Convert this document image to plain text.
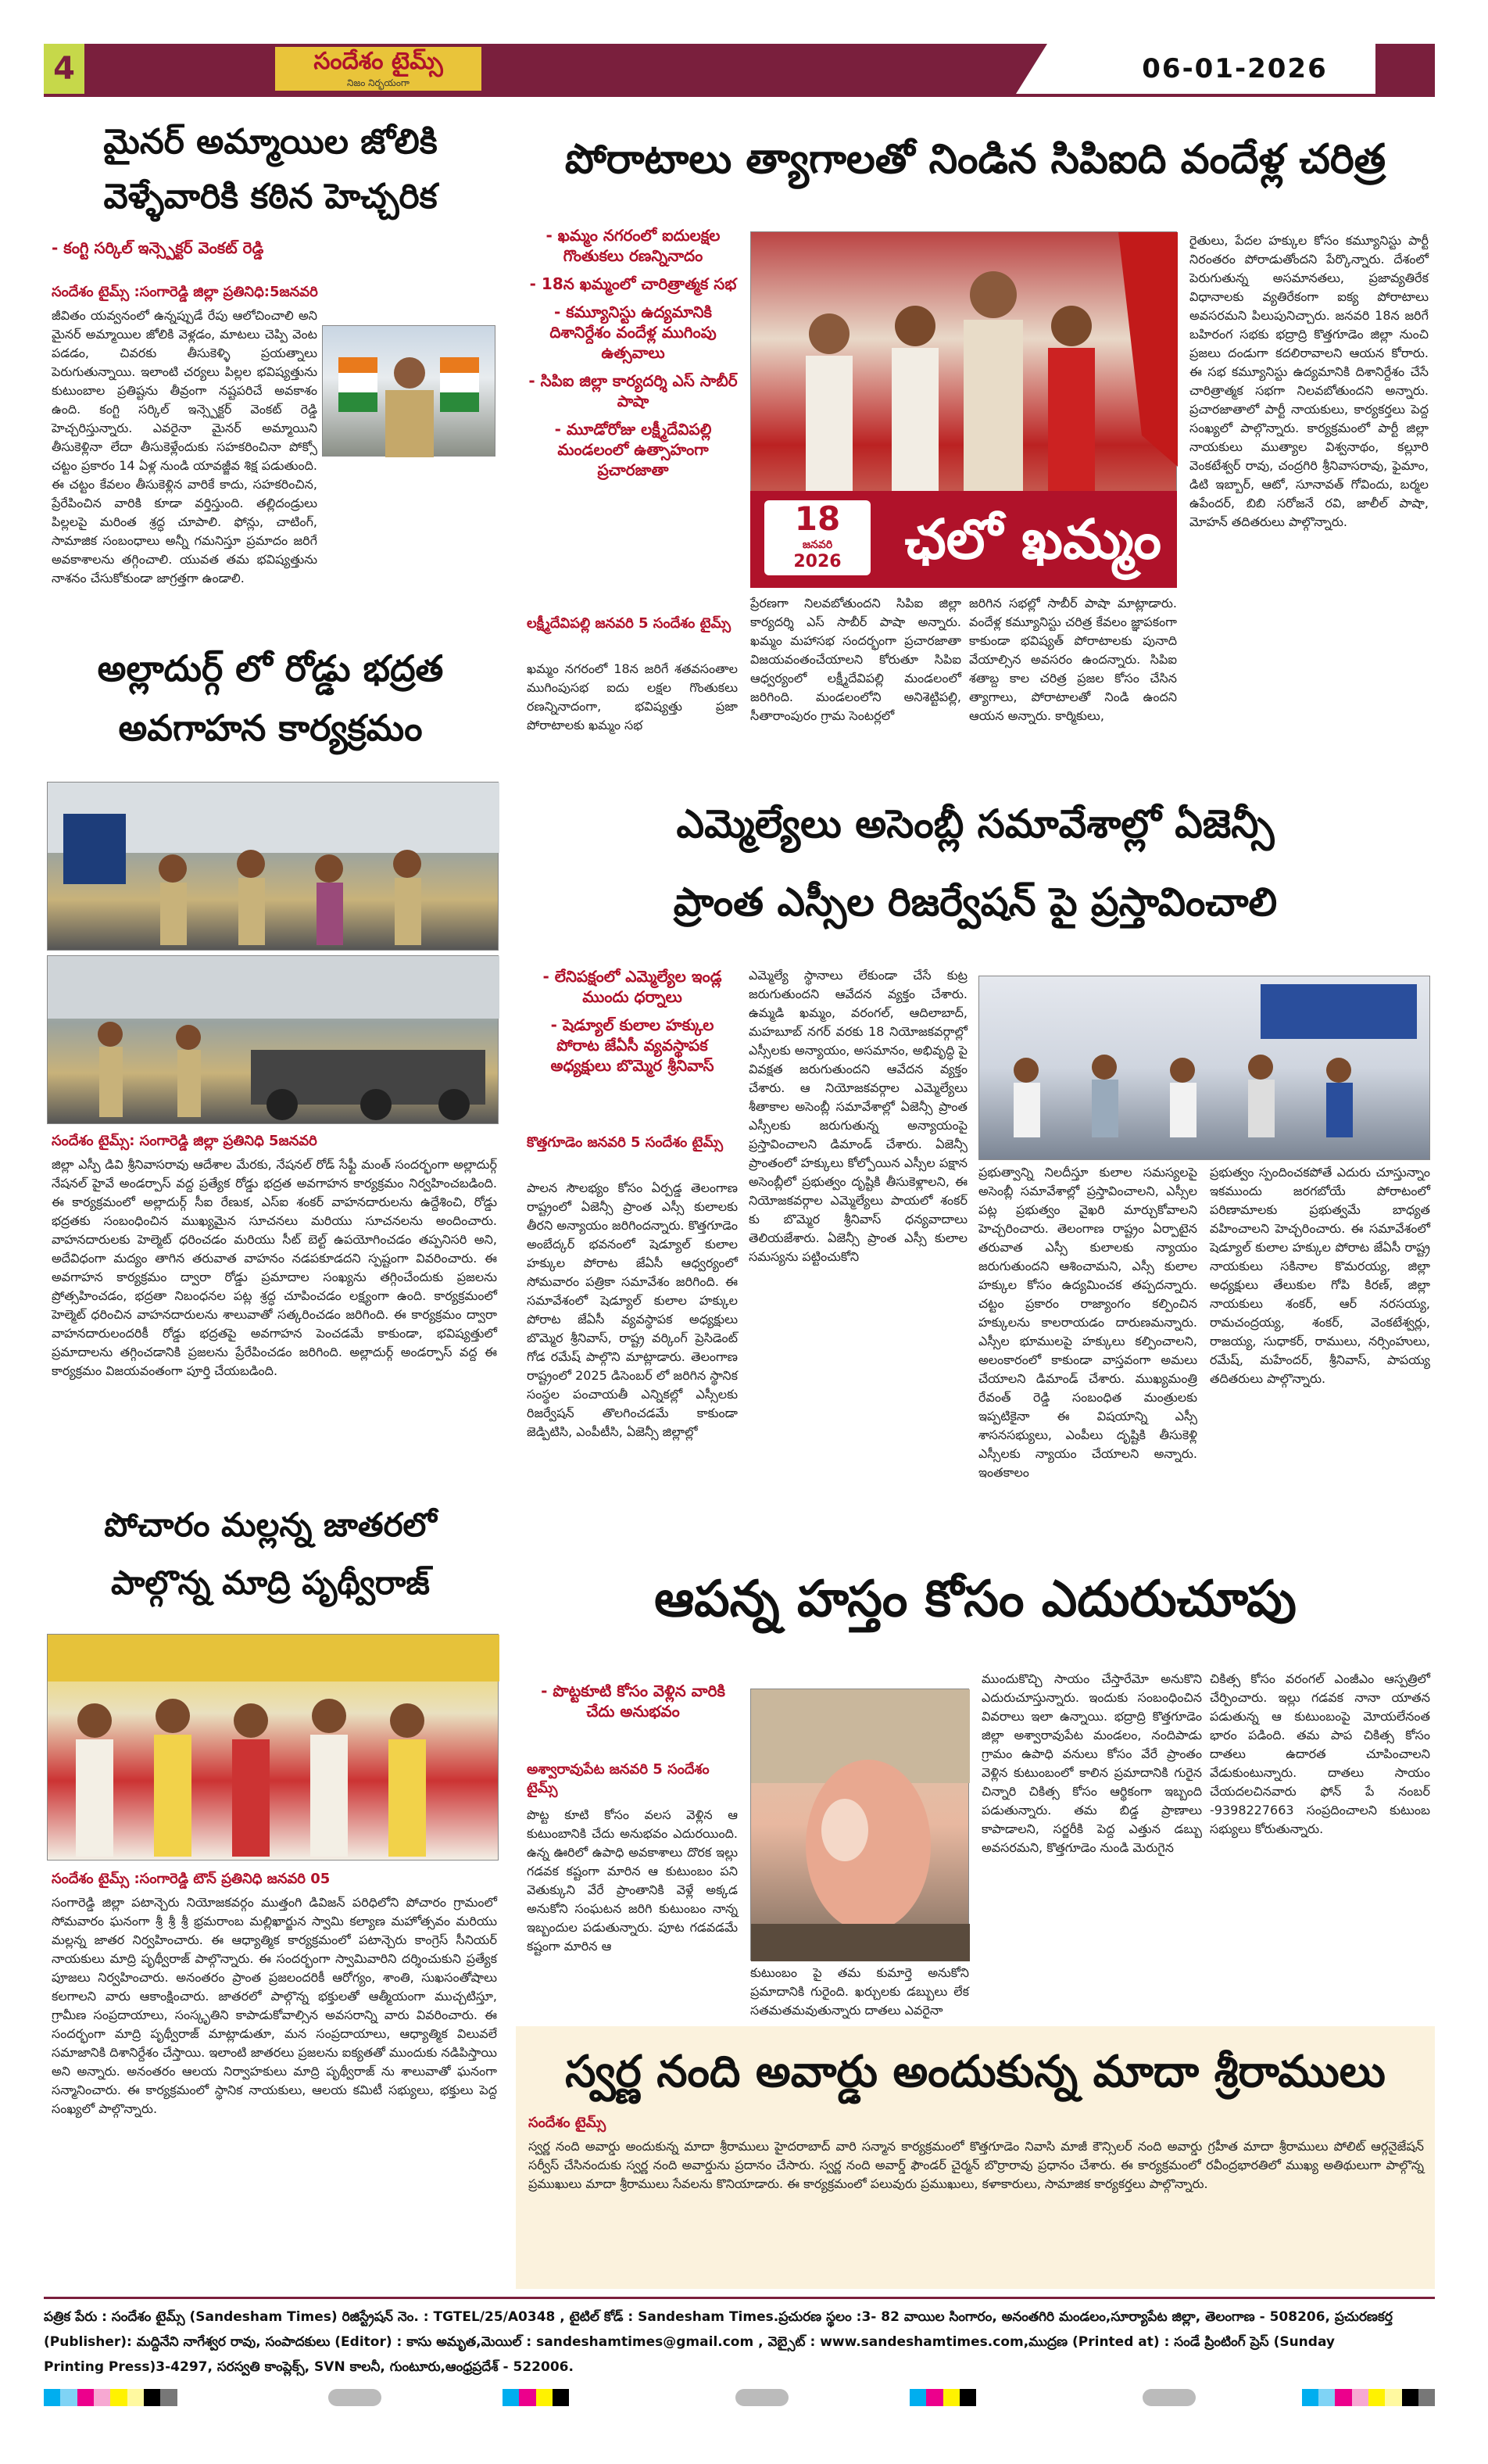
4	సందేశం టైమ్స్
నిజం నిర్భయంగా	06-01-2026
మైనర్ అమ్మాయిల జోలికి
వెళ్ళేవారికి కఠిన హెచ్చరిక
- కంగ్టి సర్కిల్ ఇన్స్పెక్టర్ వెంకట్ రెడ్డి
సందేశం టైమ్స్ :సంగారెడ్డి జిల్లా ప్రతినిధి:5జనవరి
జీవితం యవ్వనంలో ఉన్నప్పుడే రేపు ఆలోచించాలి అని మైనర్ అమ్మాయిల జోలికి వెళ్లడం, మాటలు చెప్పి వెంట పడడం, చివరకు తీసుకెళ్ళి ప్రయత్నాలు పెరుగుతున్నాయి. ఇలాంటి చర్యలు పిల్లల భవిష్యత్తును కుటుంబాల ప్రతిష్టను తీవ్రంగా నష్టపరిచే అవకాశం ఉంది. కంగ్టి సర్కిల్ ఇన్స్పెక్టర్ వెంకట్ రెడ్డి హెచ్చరిస్తున్నారు. ఎవరైనా మైనర్ అమ్మాయిని తీసుకెళ్లినా లేదా తీసుకెళ్లేందుకు సహకరించినా పోక్సో చట్టం ప్రకారం 14 ఏళ్ల నుండి యావజ్జీవ శిక్ష పడుతుంది. ఈ చట్టం కేవలం తీసుకెళ్లిన వారికే కాదు, సహకరించిన, ప్రేరేపించిన వారికి కూడా వర్తిస్తుంది. తల్లిదండ్రులు పిల్లలపై మరింత శ్రద్ధ చూపాలి. ఫోన్లు, చాటింగ్, సామాజిక సంబంధాలు అన్నీ గమనిస్తూ ప్రమాదం జరిగే అవకాశాలను తగ్గించాలి. యువత తమ భవిష్యత్తును నాశనం చేసుకోకుండా జాగ్రత్తగా ఉండాలి.
పోరాటాలు త్యాగాలతో నిండిన సిపిఐది వందేళ్ల చరిత్ర
- ఖమ్మం నగరంలో ఐదులక్షల గొంతుకలు రణన్నినాదం
- 18న ఖమ్మంలో చారిత్రాత్మక సభ
- కమ్యూనిస్టు ఉద్యమానికి దిశానిర్దేశం వందేళ్ల ముగింపు ఉత్సవాలు
- సిపిఐ జిల్లా కార్యదర్శి ఎస్ సాబీర్ పాషా
- మూడోరోజు లక్ష్మీదేవిపల్లి మండలంలో ఉత్సాహంగా ప్రచారజాతా
ఛలో ఖమ్మం
18
జనవరి
2026
లక్ష్మీదేవిపల్లి జనవరి 5 సందేశం టైమ్స్
ఖమ్మం నగరంలో 18న జరిగే శతవసంతాల ముగింపుసభ ఐదు లక్షల గొంతుకలు రణన్నినాదంగా, భవిష్యత్తు ప్రజా పోరాటాలకు ఖమ్మం సభ
ప్రేరణగా నిలవబోతుందని సిపిఐ జిల్లా కార్యదర్శి ఎస్ సాబీర్ పాషా అన్నారు. ఖమ్మం మహాసభ సందర్భంగా ప్రచారజాతా విజయవంతంచేయాలని కోరుతూ సిపిఐ ఆధ్వర్యంలో లక్ష్మీదేవిపల్లి మండలంలో జరిగింది. మండలంలోని అనిశెట్టిపల్లి, సీతారాంపురం గ్రామ సెంటర్లలో
జరిగిన సభల్లో సాబీర్ పాషా మాట్లాడారు. వందేళ్ల కమ్యూనిస్టు చరిత్ర కేవలం జ్ఞాపకంగా కాకుండా భవిష్యత్ పోరాటాలకు పునాది వేయాల్సిన అవసరం ఉందన్నారు. సిపిఐ శతాబ్ద కాల చరిత్ర ప్రజల కోసం చేసిన త్యాగాలు, పోరాటాలతో నిండి ఉందని ఆయన అన్నారు. కార్మికులు,
రైతులు, పేదల హక్కుల కోసం కమ్యూనిస్టు పార్టీ నిరంతరం పోరాడుతోందని పేర్కొన్నారు. దేశంలో పెరుగుతున్న అసమానతలు, ప్రజావ్యతిరేక విధానాలకు వ్యతిరేకంగా ఐక్య పోరాటాలు అవసరమని పిలుపునిచ్చారు. జనవరి 18న జరిగే బహిరంగ సభకు భద్రాద్రి కొత్తగూడెం జిల్లా నుంచి ప్రజలు దండుగా కదలిరావాలని ఆయన కోరారు. ఈ సభ కమ్యూనిస్టు ఉద్యమానికి దిశానిర్దేశం చేసే చారిత్రాత్మక సభగా నిలవబోతుందని అన్నారు. ప్రచారజాతాలో పార్టీ నాయకులు, కార్యకర్తలు పెద్ద సంఖ్యలో పాల్గొన్నారు. కార్యక్రమంలో పార్టీ జిల్లా నాయకులు ముత్యాల విశ్వనాథం, కల్లూరి వెంకటేశ్వర్ రావు, చంద్రగిరి శ్రీనివాసరావు, ఫైమాం, డిటి ఇబ్బార్, ఆటో, సూనావత్ గోవిందు, బర్మల ఉపేందర్, బిబి సరోజనే రవి, జాలీల్ పాషా, మోహన్ తదితరులు పాల్గొన్నారు.
అల్లాదుర్గ్ లో రోడ్డు భద్రత
అవగాహన కార్యక్రమం
సందేశం టైమ్స్: సంగారెడ్డి జిల్లా ప్రతినిధి 5జనవరి
జిల్లా ఎస్పీ డివి శ్రీనివాసరావు ఆదేశాల మేరకు, నేషనల్ రోడ్ సేఫ్టీ మంత్ సందర్భంగా అల్లాదుర్గ్ నేషనల్ హైవే అండర్పాస్ వద్ద ప్రత్యేక రోడ్డు భద్రత అవగాహన కార్యక్రమం నిర్వహించబడింది. ఈ కార్యక్రమంలో అల్లాదుర్గ్ సీఐ రేణుక, ఎస్ఐ శంకర్ వాహనదారులను ఉద్దేశించి, రోడ్డు భద్రతకు సంబంధించిన ముఖ్యమైన సూచనలు మరియు సూచనలను అందించారు. వాహనదారులకు హెల్మెట్ ధరించడం మరియు సీట్ బెల్ట్ ఉపయోగించడం తప్పనిసరి అని, అదేవిధంగా మద్యం తాగిన తరువాత వాహనం నడపకూడదని స్పష్టంగా వివరించారు. ఈ అవగాహన కార్యక్రమం ద్వారా రోడ్డు ప్రమాదాల సంఖ్యను తగ్గించేందుకు ప్రజలను ప్రోత్సహించడం, భద్రతా నిబంధనల పట్ల శ్రద్ధ చూపించడం లక్ష్యంగా ఉంది. కార్యక్రమంలో హెల్మెట్ ధరించిన వాహనదారులను శాలువాతో సత్కరించడం జరిగింది. ఈ కార్యక్రమం ద్వారా వాహనదారులందరికీ రోడ్డు భద్రతపై అవగాహన పెంచడమే కాకుండా, భవిష్యత్తులో ప్రమాదాలను తగ్గించడానికి ప్రజలను ప్రేరేపించడం జరిగింది. అల్లాదుర్గ్ అండర్పాస్ వద్ద ఈ కార్యక్రమం విజయవంతంగా పూర్తి చేయబడింది.
ఎమ్మెల్యేలు అసెంబ్లీ సమావేశాల్లో ఏజెన్సీ
ప్రాంత ఎస్సీల రిజర్వేషన్ పై ప్రస్తావించాలి
- లేనిపక్షంలో ఎమ్మెల్యేల ఇండ్ల ముందు ధర్నాలు
- షెడ్యూల్ కులాల హక్కుల పోరాట జేఏసీ వ్యవస్థాపక అధ్యక్షులు బొమ్మెర శ్రీనివాస్
కొత్తగూడెం జనవరి 5 సందేశం టైమ్స్
పాలన సౌలభ్యం కోసం ఏర్పడ్డ తెలంగాణ రాష్ట్రంలో ఏజెన్సీ ప్రాంత ఎస్సీ కులాలకు తీరని అన్యాయం జరిగిందన్నారు. కొత్తగూడెం అంబేద్కర్ భవనంలో షెడ్యూల్ కులాల హక్కుల పోరాట జేఏసీ ఆధ్వర్యంలో సోమవారం పత్రికా సమావేశం జరిగింది. ఈ సమావేశంలో షెడ్యూల్ కులాల హక్కుల పోరాట జేఏసీ వ్యవస్థాపక అధ్యక్షులు బొమ్మెర శ్రీనివాస్, రాష్ట్ర వర్కింగ్ ప్రెసిడెంట్ గోడ రమేష్ పాల్గొని మాట్లాడారు. తెలంగాణ రాష్ట్రంలో 2025 డిసెంబర్ లో జరిగిన స్థానిక సంస్థల పంచాయతీ ఎన్నికల్లో ఎస్సీలకు రిజర్వేషన్ తొలగించడమే కాకుండా జెడ్పిటిసి, ఎంపీటీసి, ఏజెన్సీ జిల్లాల్లో
ఎమ్మెల్యే స్థానాలు లేకుండా చేసే కుట్ర జరుగుతుందని ఆవేదన వ్యక్తం చేశారు. ఉమ్మడి ఖమ్మం, వరంగల్, ఆదిలాబాద్, మహబూబ్ నగర్ వరకు 18 నియోజకవర్గాల్లో ఎస్సీలకు అన్యాయం, అసమానం, అభివృద్ధి పై వివక్షత జరుగుతుందని ఆవేదన వ్యక్తం చేశారు. ఆ నియోజకవర్గాల ఎమ్మెల్యేలు శీతాకాల అసెంబ్లీ సమావేశాల్లో ఏజెన్సీ ప్రాంత ఎస్సీలకు జరుగుతున్న అన్యాయంపై ప్రస్తావించాలని డిమాండ్ చేశారు. ఏజెన్సీ ప్రాంతంలో హక్కులు కోల్పోయిన ఎస్సీల పక్షాన అసెంబ్లీలో ప్రభుత్వం దృష్టికి తీసుకెళ్లాలని, ఈ నియోజకవర్గాల ఎమ్మెల్యేలు పాయలో శంకర్ కు బొమ్మెర శ్రీనివాస్ ధన్యవాదాలు తెలియజేశారు. ఏజెన్సీ ప్రాంత ఎస్సీ కులాల సమస్యను పట్టించుకోని
ప్రభుత్వాన్ని నిలదీస్తూ కులాల సమస్యలపై అసెంబ్లీ సమావేశాల్లో ప్రస్తావించాలని, ఎస్సీల పట్ల ప్రభుత్వం వైఖరి మార్చుకోవాలని హెచ్చరించారు. తెలంగాణ రాష్ట్రం ఏర్పాటైన తరువాత ఎస్సీ కులాలకు న్యాయం జరుగుతుందని ఆశించామని, ఎస్సీ కులాల హక్కుల కోసం ఉద్యమించక తప్పదన్నారు. చట్టం ప్రకారం రాజ్యాంగం కల్పించిన హక్కులను కాలరాయడం దారుణమన్నారు. ఎస్సీల భూములపై హక్కులు కల్పించాలని, అలంకారంలో కాకుండా వాస్తవంగా అమలు చేయాలని డిమాండ్ చేశారు. ముఖ్యమంత్రి రేవంత్ రెడ్డి సంబంధిత మంత్రులకు ఇప్పటికైనా ఈ విషయాన్ని ఎస్సీ శాసనసభ్యులు, ఎంపీలు దృష్టికి తీసుకెళ్లి ఎస్సీలకు న్యాయం చేయాలని అన్నారు. ఇంతకాలం
ప్రభుత్వం స్పందించకపోతే ఎదురు చూస్తున్నాం ఇకముందు జరగబోయే పోరాటంలో పరిణామాలకు ప్రభుత్వమే బాధ్యత వహించాలని హెచ్చరించారు. ఈ సమావేశంలో షెడ్యూల్ కులాల హక్కుల పోరాట జేఏసీ రాష్ట్ర నాయకులు సకినాల కొమరయ్య, జిల్లా అధ్యక్షులు తేలుకుల గోపి కిరణ్, జిల్లా నాయకులు శంకర్, ఆర్ నరసయ్య, రామచంద్రయ్య, శంకర్, వెంకటేశ్వర్లు, రాజయ్య, సుధాకర్, రాములు, నర్సింహులు, రమేష్, మహేందర్, శ్రీనివాస్, పాపయ్య తదితరులు పాల్గొన్నారు.
పోచారం మల్లన్న జాతరలో
పాల్గొన్న మాద్రి పృథ్వీరాజ్
సందేశం టైమ్స్ :సంగారెడ్డి టౌన్ ప్రతినిధి జనవరి 05
సంగారెడ్డి జిల్లా పటాన్చెరు నియోజకవర్గం ముత్తంగి డివిజన్ పరిధిలోని పోచారం గ్రామంలో సోమవారం ఘనంగా శ్రీ శ్రీ శ్రీ భ్రమరాంబ మల్లిఖార్జున స్వామి కల్యాణ మహోత్సవం మరియు మల్లన్న జాతర నిర్వహించారు. ఈ ఆధ్యాత్మిక కార్యక్రమంలో పటాన్చెరు కాంగ్రెస్ సీనియర్ నాయకులు మాద్రి పృథ్వీరాజ్ పాల్గొన్నారు. ఈ సందర్భంగా స్వామివారిని దర్శించుకుని ప్రత్యేక పూజలు నిర్వహించారు. అనంతరం ప్రాంత ప్రజలందరికీ ఆరోగ్యం, శాంతి, సుఖసంతోషాలు కలగాలని వారు ఆకాంక్షించారు. జాతరలో పాల్గొన్న భక్తులతో ఆత్మీయంగా ముచ్చటిస్తూ, గ్రామీణ సంప్రదాయాలు, సంస్కృతిని కాపాడుకోవాల్సిన అవసరాన్ని వారు వివరించారు. ఈ సందర్భంగా మాద్రి పృథ్వీరాజ్ మాట్లాడుతూ, మన సంప్రదాయాలు, ఆధ్యాత్మిక విలువలే సమాజానికి దిశానిర్దేశం చేస్తాయి. ఇలాంటి జాతరలు ప్రజలను ఐక్యతతో ముందుకు నడిపిస్తాయి అని అన్నారు. అనంతరం ఆలయ నిర్వాహకులు మాద్రి పృథ్వీరాజ్ ను శాలువాతో ఘనంగా సన్మానించారు. ఈ కార్యక్రమంలో స్థానిక నాయకులు, ఆలయ కమిటీ సభ్యులు, భక్తులు పెద్ద సంఖ్యలో పాల్గొన్నారు.
ఆపన్న హస్తం కోసం ఎదురుచూపు
- పొట్టకూటి కోసం వెళ్లిన వారికి చేదు అనుభవం
అశ్వారావుపేట జనవరి 5 సందేశం టైమ్స్
పొట్ట కూటి కోసం వలస వెళ్లిన ఆ కుటుంబానికి చేదు అనుభవం ఎదురయింది. ఉన్న ఊరిలో ఉపాధి అవకాశాలు దొరక ఇల్లు గడవక కష్టంగా మారిన ఆ కుటుంబం పని వెతుక్కుని వేరే ప్రాంతానికి వెళ్లే అక్కడ అనుకోని సంఘటన జరిగి కుటుంబం నాన్న ఇబ్బందుల పడుతున్నారు. పూట గడవడమే కష్టంగా మారిన ఆ
కుటుంబం పై తమ కుమార్తె అనుకోని ప్రమాదానికి గురైంది. ఖర్చులకు డబ్బులు లేక సతమతమవుతున్నారు దాతలు ఎవరైనా
ముందుకొచ్చి సాయం చేస్తారేమో అనుకొని ఎదురుచూస్తున్నారు. ఇందుకు సంబంధించిన వివరాలు ఇలా ఉన్నాయి. భద్రాద్రి కొత్తగూడెం జిల్లా అశ్వారావుపేట మండలం, నందిపాడు గ్రామం ఉపాధి వనులు కోసం వేరే ప్రాంతం వెళ్లిన కుటుంబంలో కాలిన ప్రమాదానికి గురైన చిన్నారి చికిత్స కోసం ఆర్థికంగా ఇబ్బంది పడుతున్నారు. తమ బిడ్డ ప్రాణాలు కాపాడాలని, సర్జరీకి పెద్ద ఎత్తున డబ్బు అవసరమని, కొత్తగూడెం నుండి మెరుగైన
చికిత్స కోసం వరంగల్ ఎంజీఎం ఆస్పత్రిలో చేర్పించారు. ఇల్లు గడవక నానా యాతన పడుతున్న ఆ కుటుంబంపై మోయలేనంత భారం పడింది. తమ పాప చికిత్స కోసం దాతలు ఉదారత చూపించాలని వేడుకుంటున్నారు. దాతలు సాయం చేయదలచినవారు ఫోన్ పే నంబర్ -9398227663 సంప్రదించాలని కుటుంబ సభ్యులు కోరుతున్నారు.
స్వర్ణ నంది అవార్డు అందుకున్న మాదా శ్రీరాములు
సందేశం టైమ్స్
స్వర్ణ నంది అవార్డు అందుకున్న మాదా శ్రీరాములు హైదరాబాద్ వారి సన్మాన కార్యక్రమంలో కొత్తగూడెం నివాసి మాజీ కౌన్సిలర్ నంది అవార్డు గ్రహీత మాదా శ్రీరాములు పోలిట్ ఆర్గనైజేషన్ సర్వీస్ చేసినందుకు స్వర్ణ నంది అవార్డును ప్రదానం చేసారు. స్వర్ణ నంది అవార్డ్ ఫౌండర్ చైర్మన్ బొర్రారావు ప్రధానం చేశారు. ఈ కార్యక్రమంలో రవీంద్రభారతిలో ముఖ్య అతిథులుగా పాల్గొన్న ప్రముఖులు మాదా శ్రీరాములు సేవలను కొనియాడారు. ఈ కార్యక్రమంలో పలువురు ప్రముఖులు, కళాకారులు, సామాజిక కార్యకర్తలు పాల్గొన్నారు.
పత్రిక పేరు : సందేశం టైమ్స్ (Sandesham Times) రిజిస్ట్రేషన్ నెం. : TGTEL/25/A0348 , టైటిల్ కోడ్ : Sandesham Times.ప్రచురణ స్థలం :3- 82 వాయిల సింగారం, అనంతగిరి మండలం,సూర్యాపేట జిల్లా, తెలంగాణ - 508206, ప్రచురణకర్త
(Publisher): మద్దినేని నాగేశ్వర రావు, సంపాదకులు (Editor) : కాసు అమృత,మెయిల్ : sandeshamtimes@gmail.com , వెబ్సైట్ : www.sandeshamtimes.com,ముద్రణ (Printed at) : సండే ప్రింటింగ్ ప్రెస్ (Sunday
Printing Press)3-4297, సరస్వతి కాంప్లెక్స్, SVN కాలనీ, గుంటూరు,ఆంధ్రప్రదేశ్ - 522006.
